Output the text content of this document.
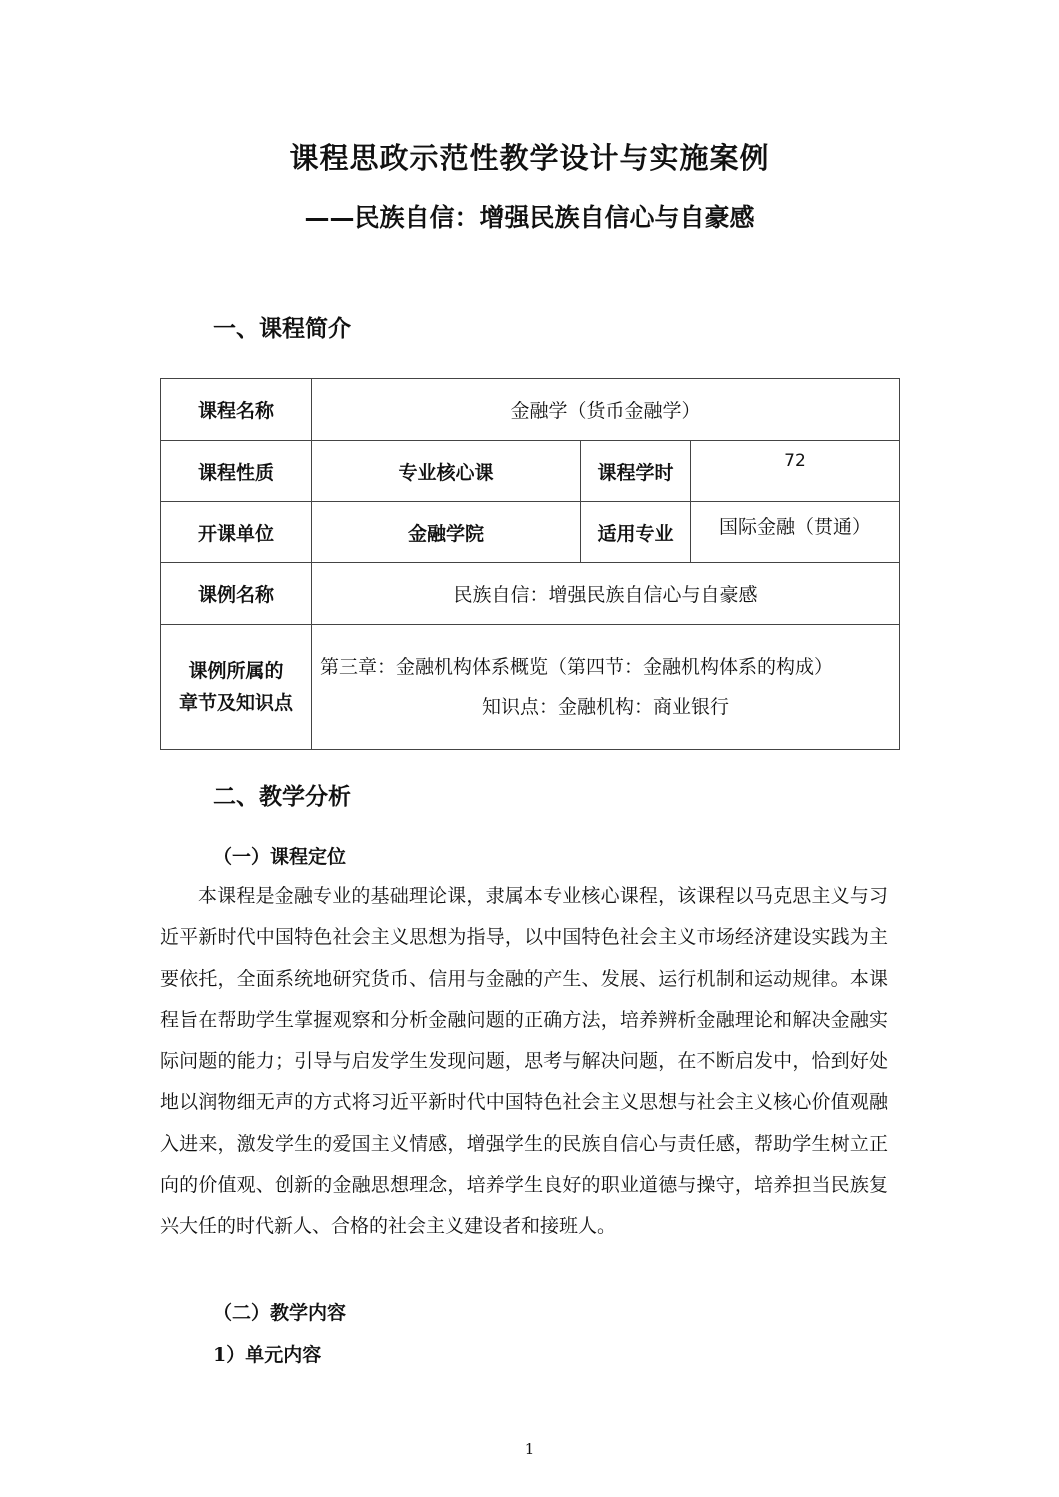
课程思政示范性教学设计与实施案例
——民族自信：增强民族自信心与自豪感
一、课程简介
课程名称	金融学（货币金融学）		
课程性质	专业核心课	课程学时	72
开课单位	金融学院	适用专业	国际金融（贯通）
课例名称	民族自信：增强民族自信心与自豪感		
课例所属的
章节及知识点	第三章：金融机构体系概览（第四节：金融机构体系的构成）
知识点：金融机构：商业银行		
二、教学分析
（一）课程定位

本课程是金融专业的基础理论课，隶属本专业核心课程，该课程以马克思主义与习近平新时代中国特色社会主义思想为指导，以中国特色社会主义市场经济建设实践为主要依托，全面系统地研究货币、信用与金融的产生、发展、运行机制和运动规律。本课程旨在帮助学生掌握观察和分析金融问题的正确方法，培养辨析金融理论和解决金融实际问题的能力；引导与启发学生发现问题，思考与解决问题，在不断启发中，恰到好处地以润物细无声的方式将习近平新时代中国特色社会主义思想与社会主义核心价值观融入进来，激发学生的爱国主义情感，增强学生的民族自信心与责任感，帮助学生树立正向的价值观、创新的金融思想理念，培养学生良好的职业道德与操守，培养担当民族复兴大任的时代新人、合格的社会主义建设者和接班人。

（二）教学内容
1）单元内容
1
